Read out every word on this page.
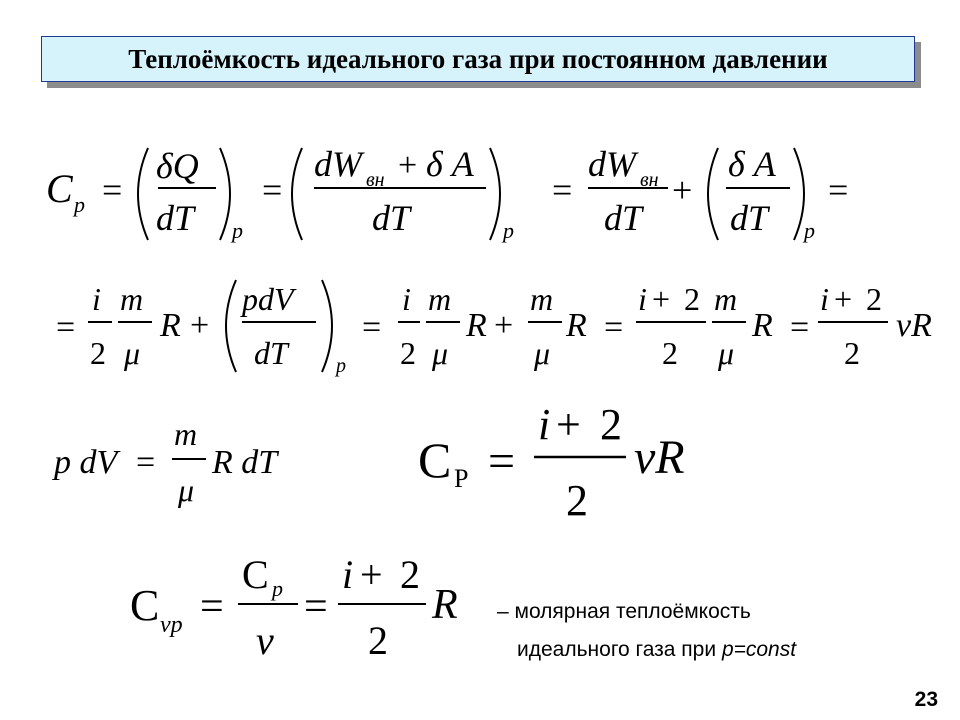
Теплоёмкость идеального газа при постоянном давлении
C p =
δQ
dT p
=
dW вн + δ A
dT	p
=
dW вн
dT
+
δ A
dT p
=
=
i
2
m
μ
R +
pdV
dT p
=
i
2
m
μ
R +
m
μ
R =
i + 2
2
m
μ
R =
i + 2
2
νR
p dV =
m
μ
R dT	C P =
i + 2
2
νR
C νp =
C p
ν
=
i + 2
2
R – молярная теплоёмкость
идеального газа при p=const
23
